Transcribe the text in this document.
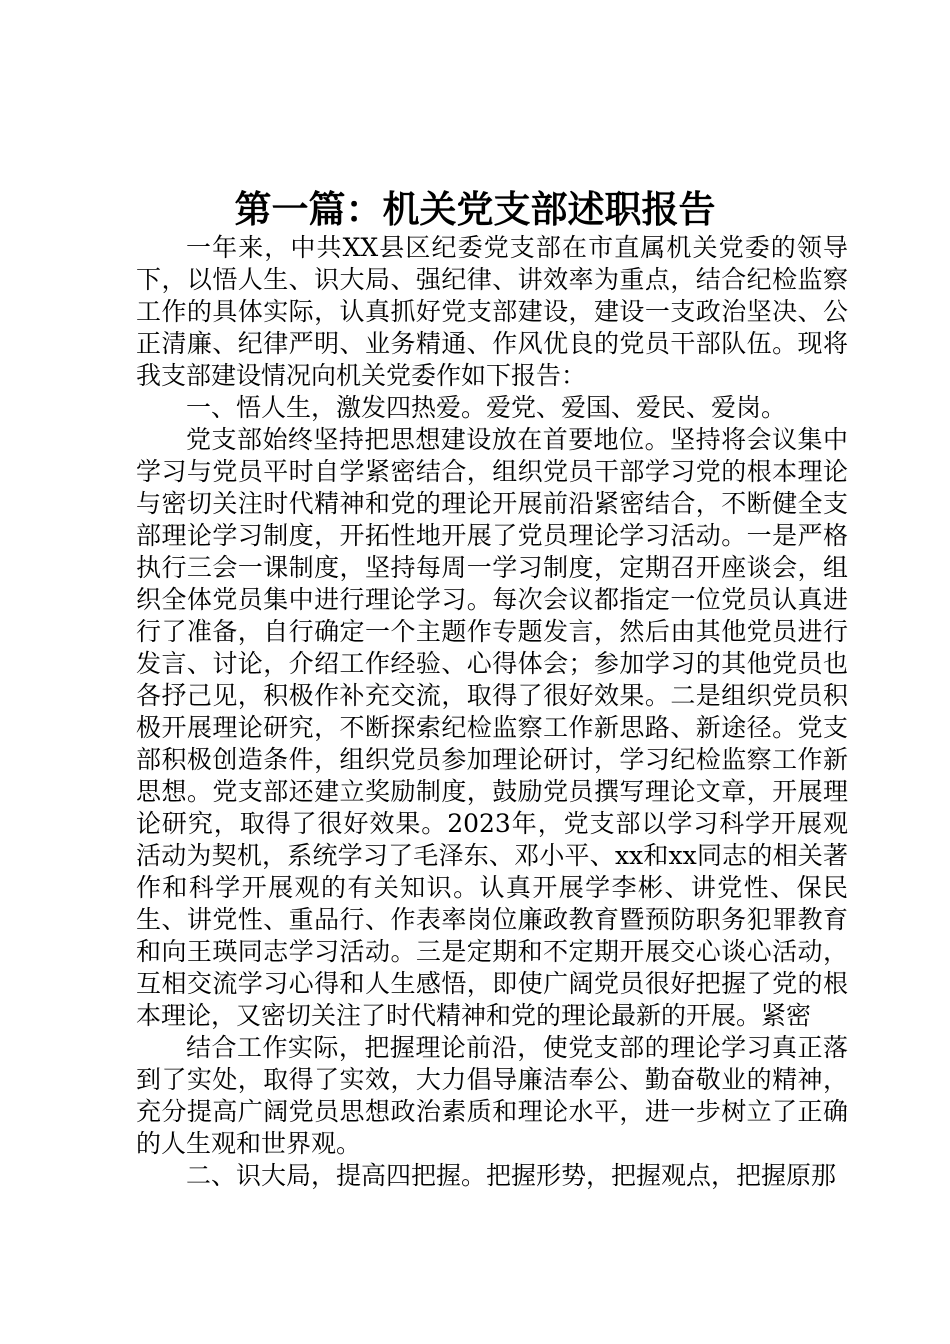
第一篇：机关党支部述职报告

一年来，中共XX县区纪委党支部在市直属机关党委的领导下，以悟人生、识大局、强纪律、讲效率为重点，结合纪检监察工作的具体实际，认真抓好党支部建设，建设一支政治坚决、公正清廉、纪律严明、业务精通、作风优良的党员干部队伍。现将我支部建设情况向机关党委作如下报告：

一、悟人生，激发四热爱。爱党、爱国、爱民、爱岗。

党支部始终坚持把思想建设放在首要地位。坚持将会议集中学习与党员平时自学紧密结合，组织党员干部学习党的根本理论与密切关注时代精神和党的理论开展前沿紧密结合，不断健全支部理论学习制度，开拓性地开展了党员理论学习活动。一是严格执行三会一课制度，坚持每周一学习制度，定期召开座谈会，组织全体党员集中进行理论学习。每次会议都指定一位党员认真进行了准备，自行确定一个主题作专题发言，然后由其他党员进行发言、讨论，介绍工作经验、心得体会；参加学习的其他党员也各抒己见，积极作补充交流，取得了很好效果。二是组织党员积极开展理论研究，不断探索纪检监察工作新思路、新途径。党支部积极创造条件，组织党员参加理论研讨，学习纪检监察工作新思想。党支部还建立奖励制度，鼓励党员撰写理论文章，开展理论研究，取得了很好效果。2023年，党支部以学习科学开展观活动为契机，系统学习了毛泽东、邓小平、xx和xx同志的相关著作和科学开展观的有关知识。认真开展学李彬、讲党性、保民生、讲党性、重品行、作表率岗位廉政教育暨预防职务犯罪教育和向王瑛同志学习活动。三是定期和不定期开展交心谈心活动，互相交流学习心得和人生感悟，即使广阔党员很好把握了党的根本理论，又密切关注了时代精神和党的理论最新的开展。紧密

结合工作实际，把握理论前沿，使党支部的理论学习真正落到了实处，取得了实效，大力倡导廉洁奉公、勤奋敬业的精神，充分提高广阔党员思想政治素质和理论水平，进一步树立了正确的人生观和世界观。

二、识大局，提高四把握。把握形势，把握观点，把握原那
